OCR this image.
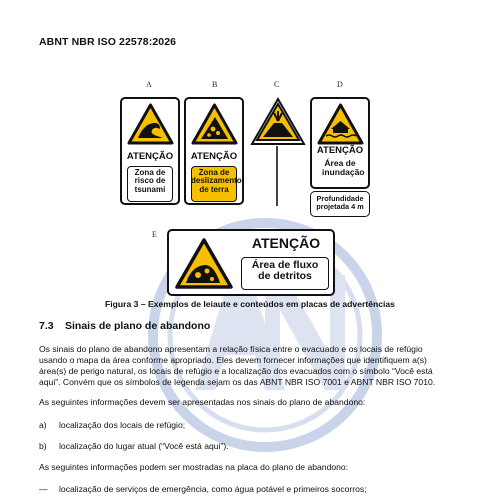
ABNT NBR ISO 22578:2026
A	B	C	D
E
ATENÇÃO
Zona de risco de tsunami
ATENÇÃO
Zona de deslizamento de terra
ATENÇÃO
Área de inundação
Profundidade projetada 4 m
ATENÇÃO
Área de fluxo de detritos
Figura 3 – Exemplos de leiaute e conteúdos em placas de advertências
7.3 Sinais de plano de abandono
Os sinais do plano de abandono apresentam a relação física entre o evacuado e os locais de refúgio
usando o mapa da área conforme apropriado. Eles devem fornecer informações que identifiquem a(s)
área(s) de perigo natural, os locais de refúgio e a localização dos evacuados com o símbolo “Você está
aqui”. Convém que os símbolos de legenda sejam os das ABNT NBR ISO 7001 e ABNT NBR ISO 7010.
As seguintes informações devem ser apresentadas nos sinais do plano de abandono:
a) localização dos locais de refúgio;
b) localização do lugar atual (“Você está aqui”).
As seguintes informações podem ser mostradas na placa do plano de abandono:
— localização de serviços de emergência, como água potável e primeiros socorros;
